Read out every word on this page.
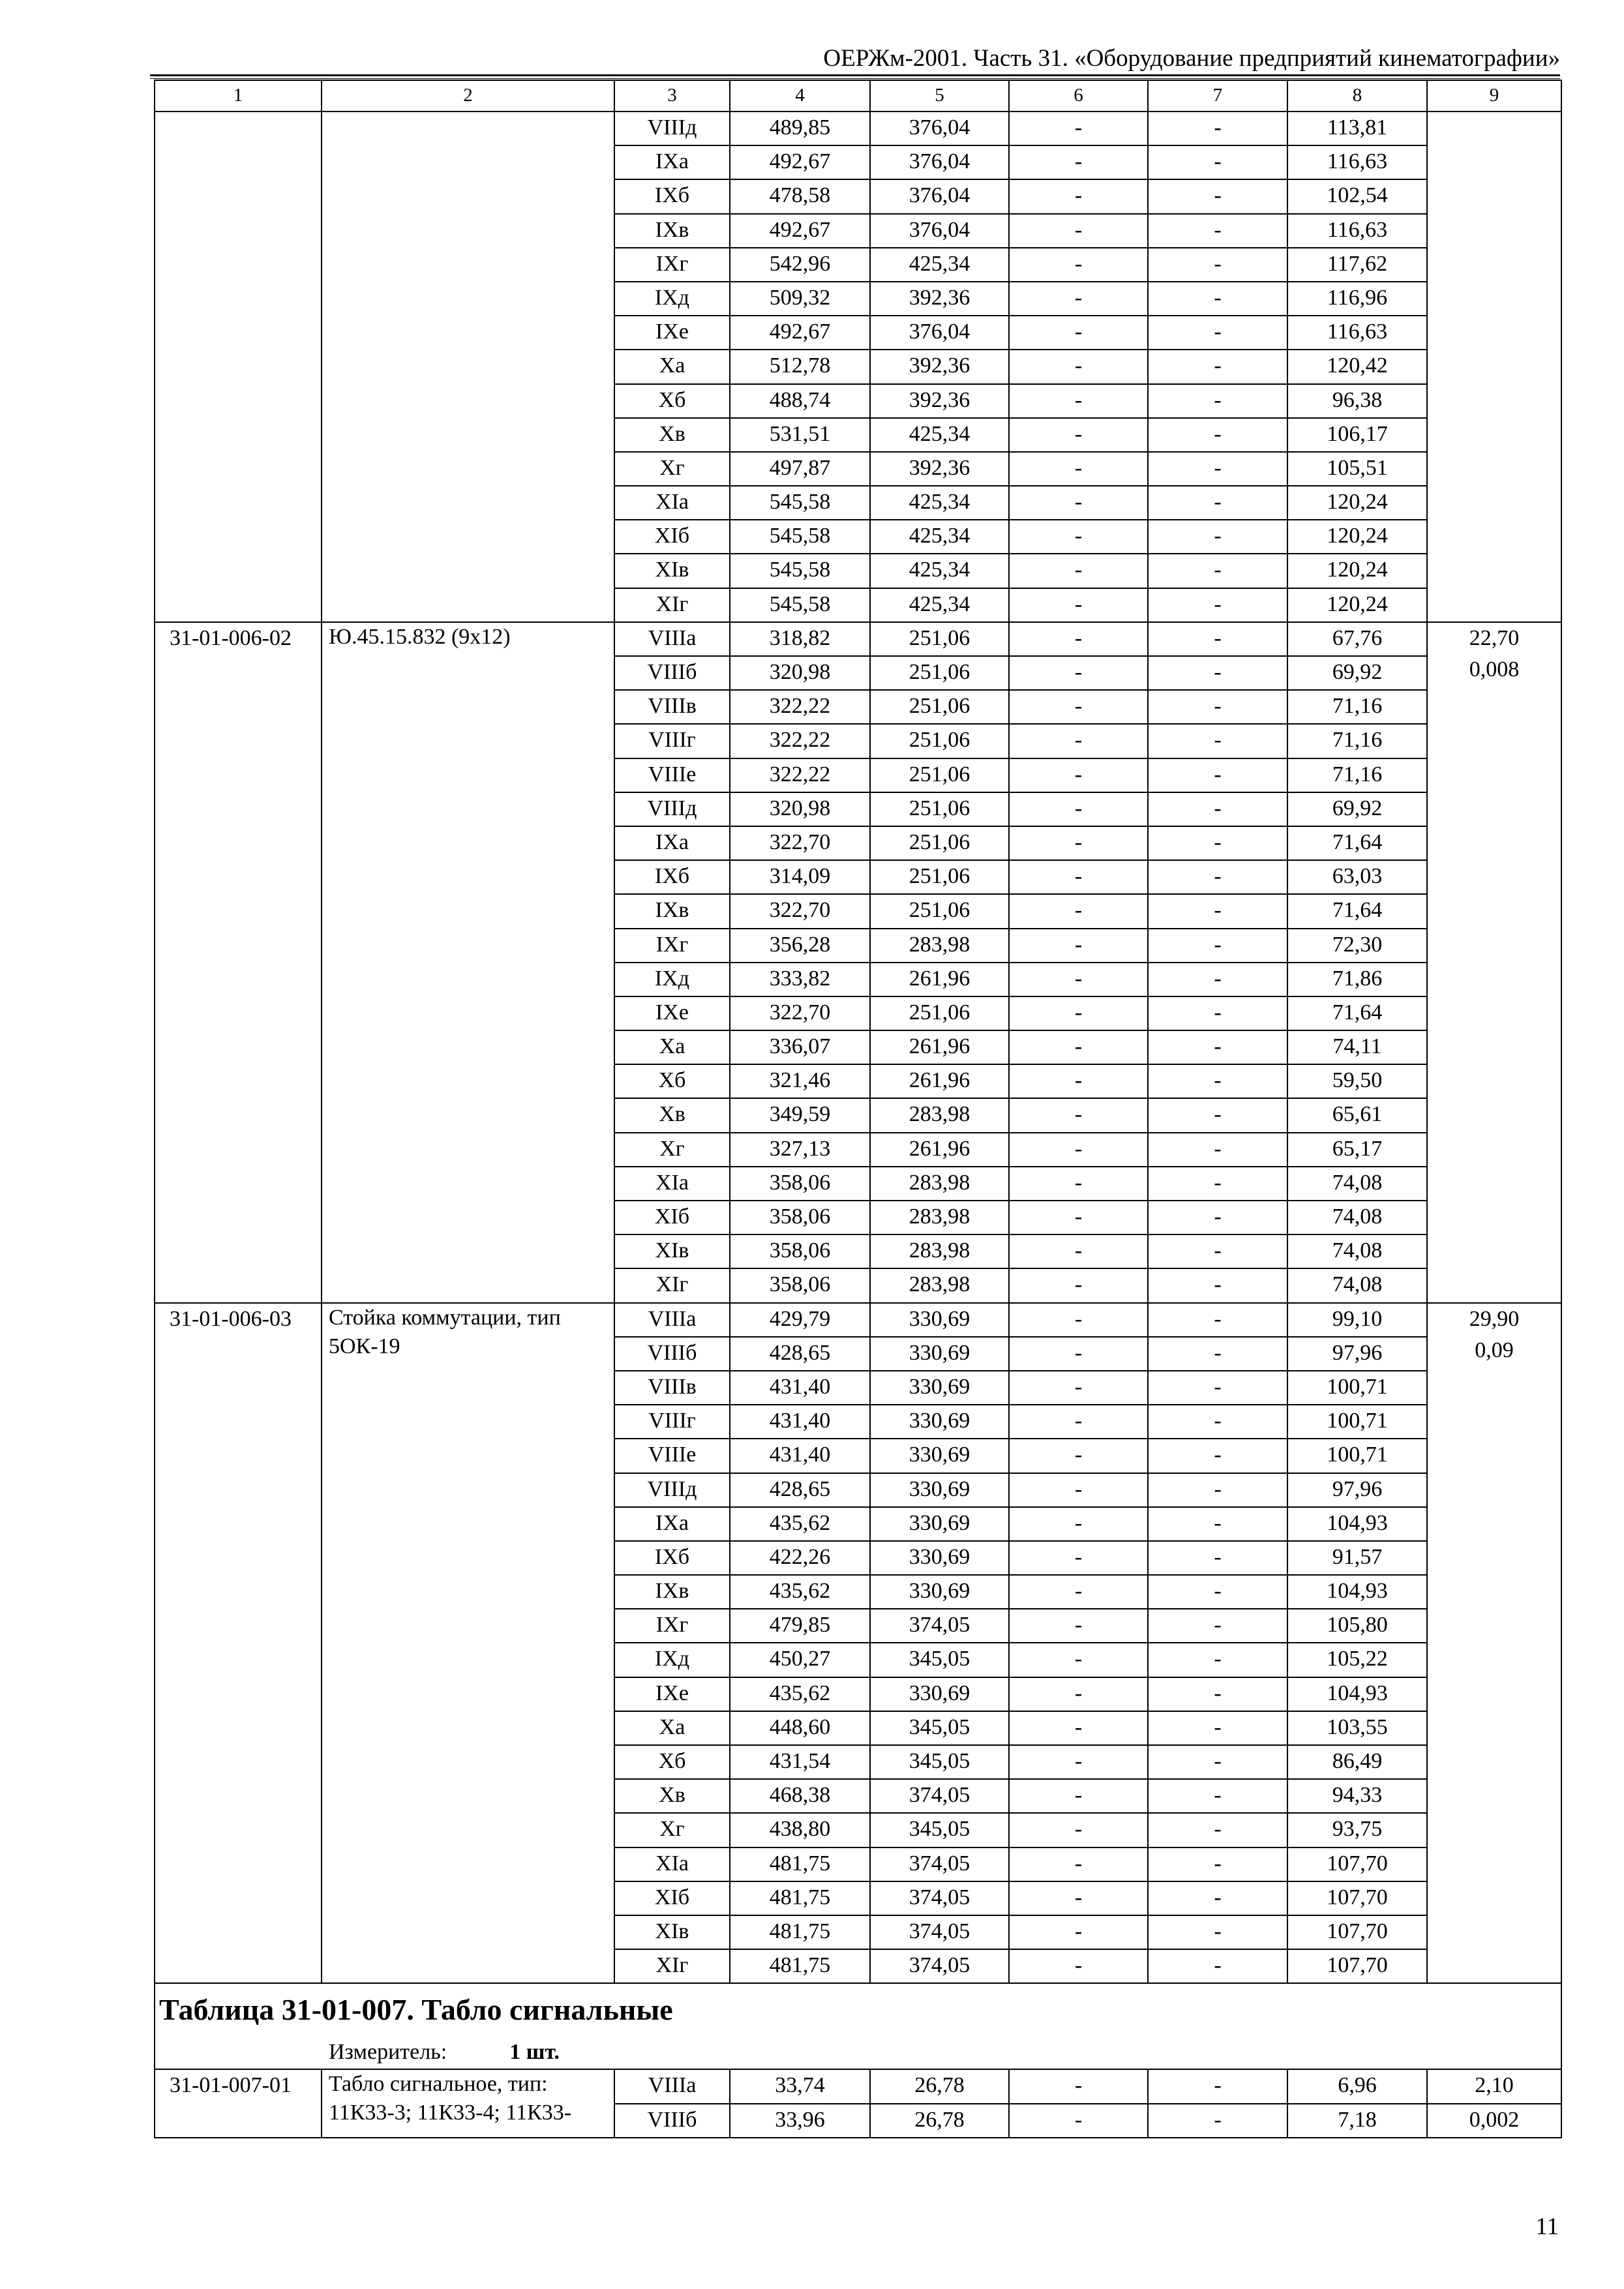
ОЕРЖм-2001. Часть 31. «Оборудование предприятий кинематографии»
1	2	3	4	5	6	7	8	9
		VIIIд	489,85	376,04	-	-	113,81	
		IXа	492,67	376,04	-	-	116,63	
		IXб	478,58	376,04	-	-	102,54	
		IXв	492,67	376,04	-	-	116,63	
		IXг	542,96	425,34	-	-	117,62	
		IXд	509,32	392,36	-	-	116,96	
		IXе	492,67	376,04	-	-	116,63	
		Xа	512,78	392,36	-	-	120,42	
		Xб	488,74	392,36	-	-	96,38	
		Xв	531,51	425,34	-	-	106,17	
		Xг	497,87	392,36	-	-	105,51	
		XIа	545,58	425,34	-	-	120,24	
		XIб	545,58	425,34	-	-	120,24	
		XIв	545,58	425,34	-	-	120,24	
		XIг	545,58	425,34	-	-	120,24	
31-01-006-02	Ю.45.15.832 (9х12)	VIIIа	318,82	251,06	-	-	67,76	22,70
0,008

		VIIIб	320,98	251,06	-	-	69,92	
		VIIIв	322,22	251,06	-	-	71,16	
		VIIIг	322,22	251,06	-	-	71,16	
		VIIIе	322,22	251,06	-	-	71,16	
		VIIIд	320,98	251,06	-	-	69,92	
		IXа	322,70	251,06	-	-	71,64	
		IXб	314,09	251,06	-	-	63,03	
		IXв	322,70	251,06	-	-	71,64	
		IXг	356,28	283,98	-	-	72,30	
		IXд	333,82	261,96	-	-	71,86	
		IXе	322,70	251,06	-	-	71,64	
		Xа	336,07	261,96	-	-	74,11	
		Xб	321,46	261,96	-	-	59,50	
		Xв	349,59	283,98	-	-	65,61	
		Xг	327,13	261,96	-	-	65,17	
		XIа	358,06	283,98	-	-	74,08	
		XIб	358,06	283,98	-	-	74,08	
		XIв	358,06	283,98	-	-	74,08	
		XIг	358,06	283,98	-	-	74,08	
31-01-006-03	Стойка коммутации, тип 5ОК-19	VIIIа	429,79	330,69	-	-	99,10	29,90
0,09

		VIIIб	428,65	330,69	-	-	97,96	
		VIIIв	431,40	330,69	-	-	100,71	
		VIIIг	431,40	330,69	-	-	100,71	
		VIIIе	431,40	330,69	-	-	100,71	
		VIIIд	428,65	330,69	-	-	97,96	
		IXа	435,62	330,69	-	-	104,93	
		IXб	422,26	330,69	-	-	91,57	
		IXв	435,62	330,69	-	-	104,93	
		IXг	479,85	374,05	-	-	105,80	
		IXд	450,27	345,05	-	-	105,22	
		IXе	435,62	330,69	-	-	104,93	
		Xа	448,60	345,05	-	-	103,55	
		Xб	431,54	345,05	-	-	86,49	
		Xв	468,38	374,05	-	-	94,33	
		Xг	438,80	345,05	-	-	93,75	
		XIа	481,75	374,05	-	-	107,70	
		XIб	481,75	374,05	-	-	107,70	
		XIв	481,75	374,05	-	-	107,70	
		XIг	481,75	374,05	-	-	107,70	
Таблица 31-01-007. Табло сигнальные								
Измеритель: 1 шт.								
31-01-007-01	Табло сигнальное, тип: 11К33-3; 11К33-4; 11К33-	VIIIа	33,74	26,78	-	-	6,96	2,10
		VIIIб	33,96	26,78	-	-	7,18	0,002
11
